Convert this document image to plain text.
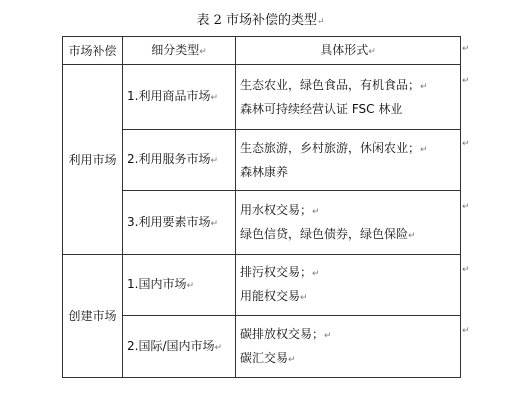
表 2 市场补偿的类型↵
市场补偿	细分类型↵	具体形式↵
利用市场	1.利用商品市场↵	生态农业，绿色食品，有机食品；↵
森林可持续经营认证 FSC 林业

	2.利用服务市场↵	生态旅游，乡村旅游，休闲农业；↵
森林康养

	3.利用要素市场↵	用水权交易；↵
绿色信贷，绿色债券，绿色保险↵

创建市场	1.国内市场↵	排污权交易；↵
用能权交易↵

	2.国际/国内市场↵	碳排放权交易；↵
碳汇交易↵
↵
↵
↵
↵
↵
↵
